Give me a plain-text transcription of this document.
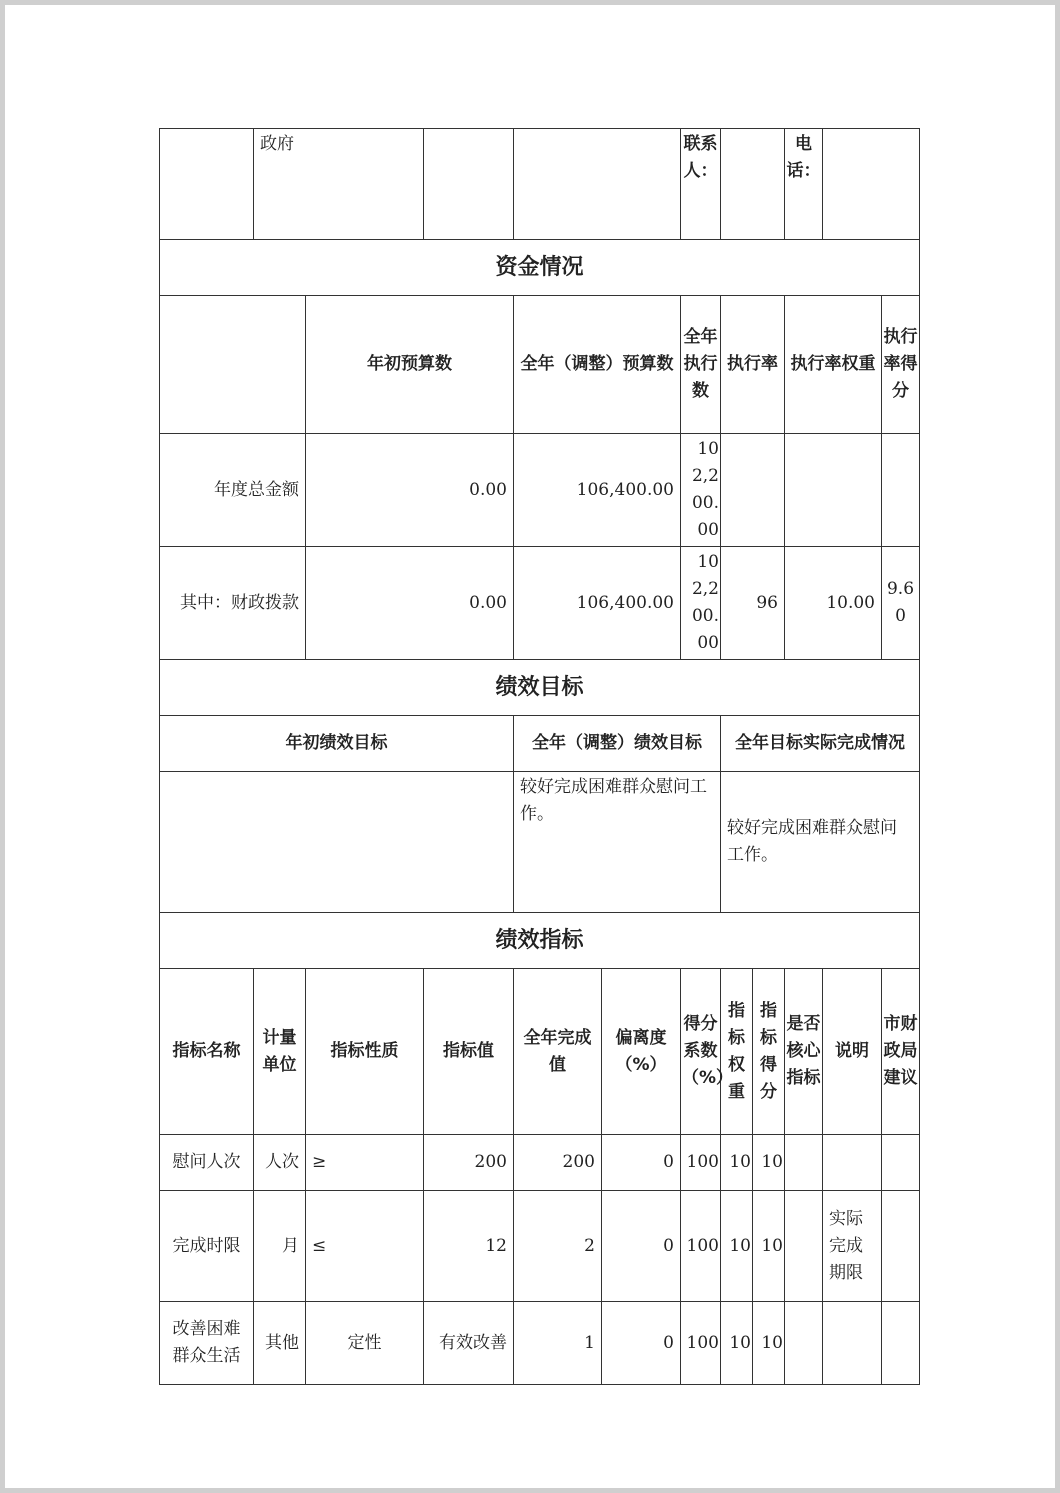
	政府					联系人：			电话：		
资金情况											
		年初预算数		全年（调整）预算数		全年执行数	执行率		执行率权重		执行率得分
年度总金额		0.00		106,400.00		102,200.00					
其中：财政拨款		0.00		106,400.00		102,200.00	96		10.00		9.60
绩效目标											
年初绩效目标				全年（调整）绩效目标			全年目标实际完成情况				
				较好完成困难群众慰问工作。			较好完成困难群众慰问工作。				
绩效指标											
指标名称	计量单位	指标性质	指标值	全年完成值	偏离度（%）	得分系数（%）	指标权重	指标得分	是否核心指标	说明	市财政局建议
慰问人次	人次	≥	200	200	0	100	10	10			
完成时限	月	≤	12	2	0	100	10	10		实际完成期限	
改善困难群众生活	其他	定性	有效改善	1	0	100	10	10			
